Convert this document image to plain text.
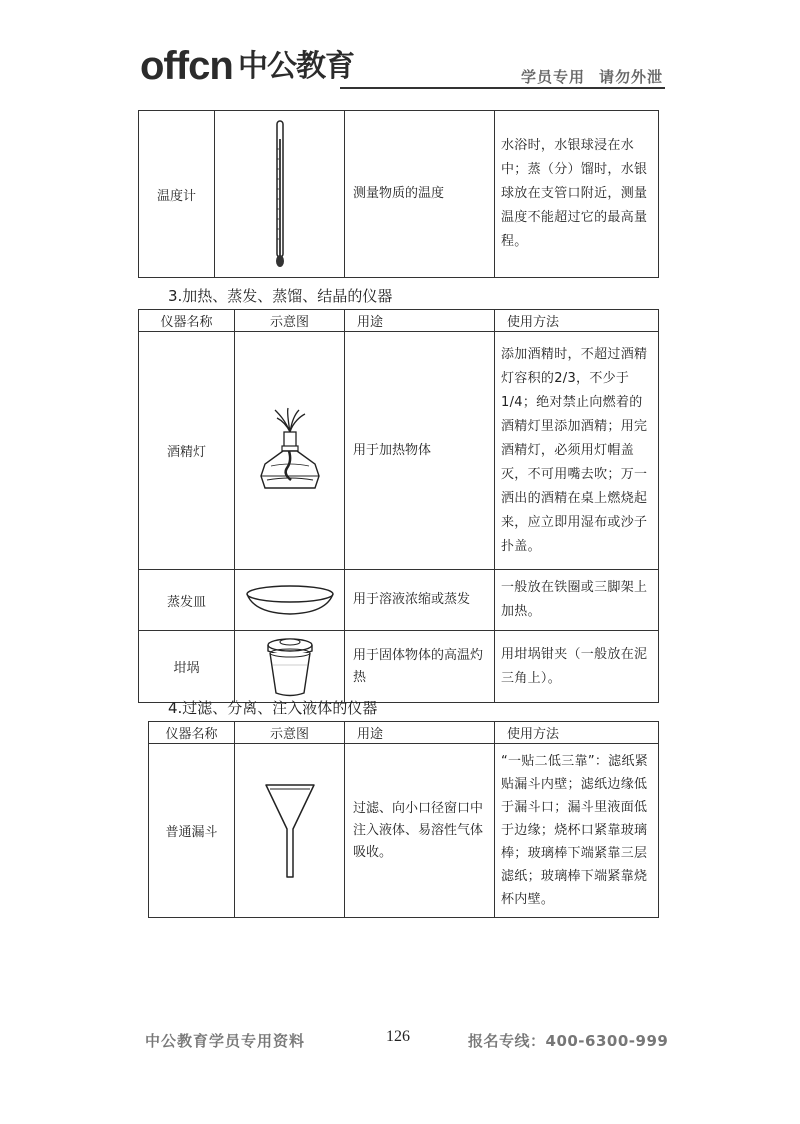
offcn 中公教育	学员专用 请勿外泄
温度计		测量物质的温度	水浴时，水银球浸在水中；蒸（分）馏时，水银球放在支管口附近，测量温度不能超过它的最高量程。
3.加热、蒸发、蒸馏、结晶的仪器
仪器名称	示意图	用途	使用方法
酒精灯		用于加热物体	添加酒精时，不超过酒精灯容积的2/3，不少于1/4；绝对禁止向燃着的酒精灯里添加酒精；用完酒精灯，必须用灯帽盖灭，不可用嘴去吹；万一洒出的酒精在桌上燃烧起来，应立即用湿布或沙子扑盖。
蒸发皿		用于溶液浓缩或蒸发	一般放在铁圈或三脚架上加热。
坩埚		用于固体物体的高温灼热	用坩埚钳夹（一般放在泥三角上）。
4.过滤、分离、注入液体的仪器
仪器名称	示意图	用途	使用方法
普通漏斗		过滤、向小口径窗口中注入液体、易溶性气体吸收。	“一贴二低三靠”：滤纸紧贴漏斗内壁；滤纸边缘低于漏斗口；漏斗里液面低于边缘；烧杯口紧靠玻璃棒；玻璃棒下端紧靠三层滤纸；玻璃棒下端紧靠烧杯内壁。
中公教育学员专用资料	126	报名专线：400-6300-999
